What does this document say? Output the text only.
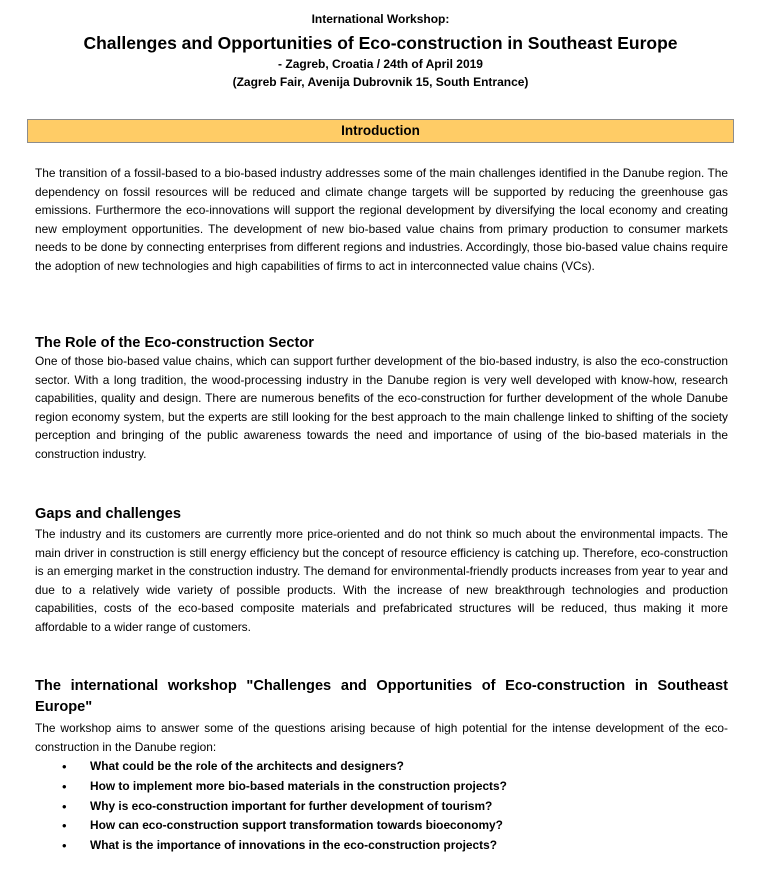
International Workshop:
Challenges and Opportunities of Eco-construction in Southeast Europe
- Zagreb, Croatia / 24th of April 2019
(Zagreb Fair, Avenija Dubrovnik 15, South Entrance)
Introduction
The transition of a fossil-based to a bio-based industry addresses some of the main challenges identified in the Danube region. The dependency on fossil resources will be reduced and climate change targets will be supported by reducing the greenhouse gas emissions. Furthermore the eco-innovations will support the regional development by diversifying the local economy and creating new employment opportunities. The development of new bio-based value chains from primary production to consumer markets needs to be done by connecting enterprises from different regions and industries. Accordingly, those bio-based value chains require the adoption of new technologies and high capabilities of firms to act in interconnected value chains (VCs).
The Role of the Eco-construction Sector
One of those bio-based value chains, which can support further development of the bio-based industry, is also the eco-construction sector. With a long tradition, the wood-processing industry in the Danube region is very well developed with know-how, research capabilities, quality and design. There are numerous benefits of the eco-construction for further development of the whole Danube region economy system, but the experts are still looking for the best approach to the main challenge linked to shifting of the society perception and bringing of the public awareness towards the need and importance of using of the bio-based materials in the construction industry.
Gaps and challenges
The industry and its customers are currently more price-oriented and do not think so much about the environmental impacts. The main driver in construction is still energy efficiency but the concept of resource efficiency is catching up. Therefore, eco-construction is an emerging market in the construction industry. The demand for environmental-friendly products increases from year to year and due to a relatively wide variety of possible products. With the increase of new breakthrough technologies and production capabilities, costs of the eco-based composite materials and prefabricated structures will be reduced, thus making it more affordable to a wider range of customers.
The international workshop "Challenges and Opportunities of Eco-construction in Southeast Europe"
The workshop aims to answer some of the questions arising because of high potential for the intense development of the eco-construction in the Danube region:
• What could be the role of the architects and designers?
• How to implement more bio-based materials in the construction projects?
• Why is eco-construction important for further development of tourism?
• How can eco-construction support transformation towards bioeconomy?
• What is the importance of innovations in the eco-construction projects?
